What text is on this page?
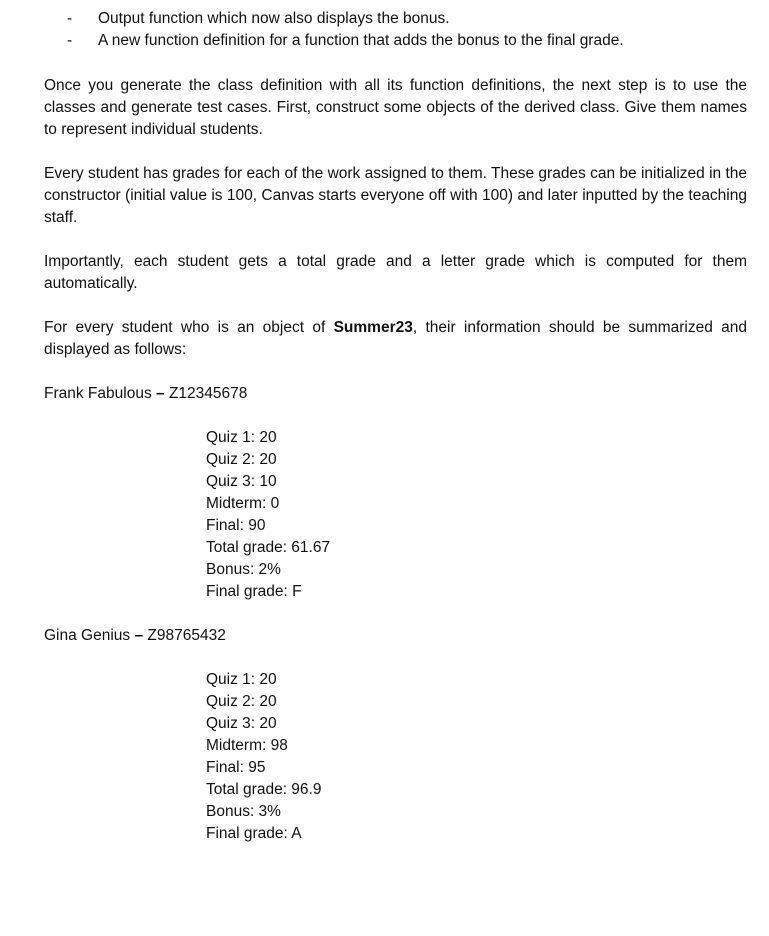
- Output function which now also displays the bonus.
- A new function definition for a function that adds the bonus to the final grade.

Once you generate the class definition with all its function definitions, the next step is to use the classes and generate test cases. First, construct some objects of the derived class. Give them names to represent individual students.

Every student has grades for each of the work assigned to them. These grades can be initialized in the constructor (initial value is 100, Canvas starts everyone off with 100) and later inputted by the teaching staff.

Importantly, each student gets a total grade and a letter grade which is computed for them automatically.

For every student who is an object of Summer23, their information should be summarized and displayed as follows:

Frank Fabulous – Z12345678
Quiz 1: 20
Quiz 2: 20
Quiz 3: 10
Midterm: 0
Final: 90
Total grade: 61.67
Bonus: 2%
Final grade: F
Gina Genius – Z98765432
Quiz 1: 20
Quiz 2: 20
Quiz 3: 20
Midterm: 98
Final: 95
Total grade: 96.9
Bonus: 3%
Final grade: A
